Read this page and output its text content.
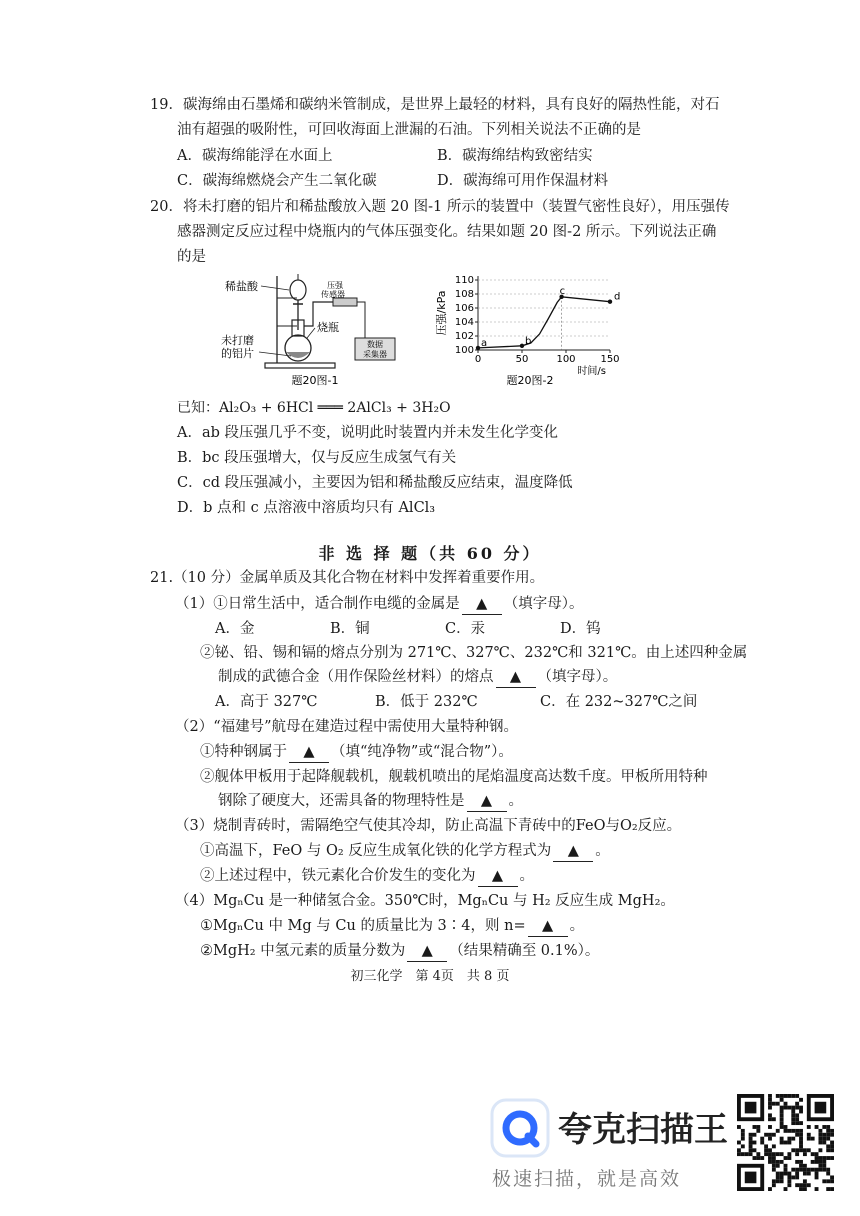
19．碳海绵由石墨烯和碳纳米管制成，是世界上最轻的材料，具有良好的隔热性能，对石
油有超强的吸附性，可回收海面上泄漏的石油。下列相关说法不正确的是
A．碳海绵能浮在水面上	B．碳海绵结构致密结实
C．碳海绵燃烧会产生二氧化碳	D．碳海绵可用作保温材料
20．将未打磨的铝片和稀盐酸放入题 20 图-1 所示的装置中（装置气密性良好），用压强传
感器测定反应过程中烧瓶内的气体压强变化。结果如题 20 图-2 所示。下列说法正确
的是
数据
采集器
稀盐酸	压强
传感器
烧瓶
未打磨
的铝片
题20图-1
110
108
106
104
102
100
0	50	100 150
a	b
c
d
压强/kPa
时间/s
题20图-2
已知：Al₂O₃ + 6HCl ═══ 2AlCl₃ + 3H₂O
A．ab 段压强几乎不变，说明此时装置内并未发生化学变化
B．bc 段压强增大，仅与反应生成氢气有关
C．cd 段压强减小，主要因为铝和稀盐酸反应结束，温度降低
D．b 点和 c 点溶液中溶质均只有 AlCl₃
非 选 择 题（共 60 分）
21.（10 分）金属单质及其化合物在材料中发挥着重要作用。
（1）①日常生活中，适合制作电缆的金属是 ▲ （填字母）。
A．金	B．铜	C．汞	D．钨
②铋、铅、锡和镉的熔点分别为 271℃、327℃、232℃和 321℃。由上述四种金属
制成的武德合金（用作保险丝材料）的熔点 ▲ （填字母）。
A．高于 327℃	B．低于 232℃	C．在 232~327℃之间
（2）“福建号”航母在建造过程中需使用大量特种钢。
①特种钢属于 ▲ （填“纯净物”或“混合物”）。
②舰体甲板用于起降舰载机，舰载机喷出的尾焰温度高达数千度。甲板所用特种
钢除了硬度大，还需具备的物理特性是 ▲ 。
（3）烧制青砖时，需隔绝空气使其冷却，防止高温下青砖中的FeO与O₂反应。
①高温下，FeO 与 O₂ 反应生成氧化铁的化学方程式为 ▲ 。
②上述过程中，铁元素化合价发生的变化为 ▲ 。
（4）MgₙCu 是一种储氢合金。350℃时，MgₙCu 与 H₂ 反应生成 MgH₂。
①MgₙCu 中 Mg 与 Cu 的质量比为 3∶4，则 n= ▲ 。
②MgH₂ 中氢元素的质量分数为 ▲ （结果精确至 0.1%）。
初三化学　第 4页　共 8 页
夸克扫描王
极速扫描，就是高效
